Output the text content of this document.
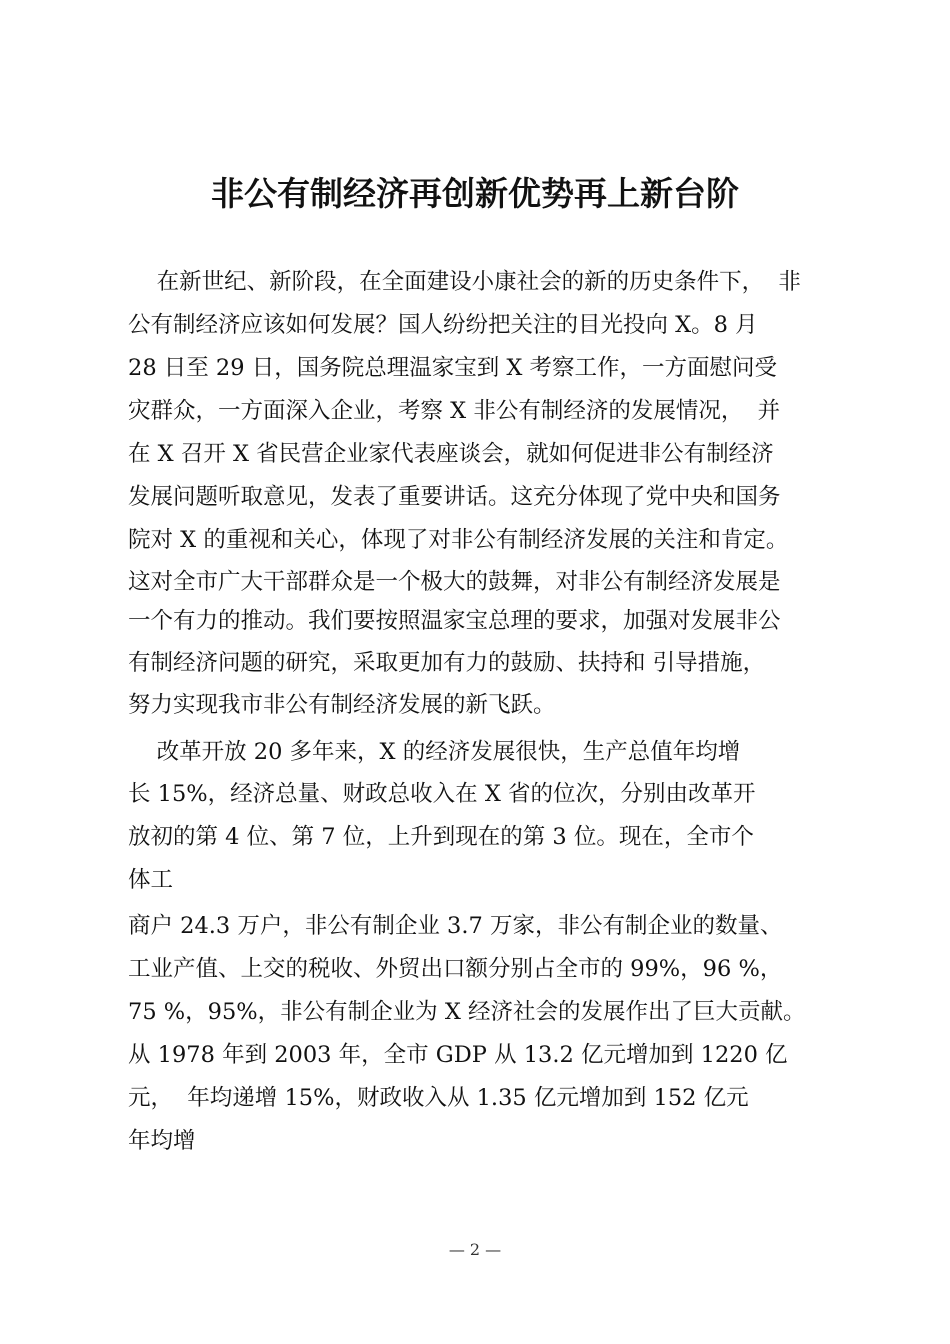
非公有制经济再创新优势再上新台阶
在新世纪、新阶段，在全面建设小康社会的新的历史条件下，  非
公有制经济应该如何发展？国人纷纷把关注的目光投向 X。8 月
28 日至 29 日，国务院总理温家宝到 X 考察工作，一方面慰问受
灾群众，一方面深入企业，考察 X 非公有制经济的发展情况，  并
在 X 召开 X 省民营企业家代表座谈会，就如何促进非公有制经济
发展问题听取意见，发表了重要讲话。这充分体现了党中央和国务
院对 X 的重视和关心，体现了对非公有制经济发展的关注和肯定。
这对全市广大干部群众是一个极大的鼓舞，对非公有制经济发展是
一个有力的推动。我们要按照温家宝总理的要求，加强对发展非公
有制经济问题的研究，采取更加有力的鼓励、扶持和 引导措施，
努力实现我市非公有制经济发展的新飞跃。
改革开放 20 多年来，X 的经济发展很快，生产总值年均增
长 15%，经济总量、财政总收入在 X 省的位次，分别由改革开
放初的第 4 位、第 7 位，上升到现在的第 3 位。现在，全市个
体工
商户 24.3 万户，非公有制企业 3.7 万家，非公有制企业的数量、
工业产值、上交的税收、外贸出口额分别占全市的 99%，96 %，
75 %，95%，非公有制企业为 X 经济社会的发展作出了巨大贡献。
从 1978 年到 2003 年，全市 GDP 从 13.2 亿元增加到 1220 亿
元，  年均递增 15%，财政收入从 1.35 亿元增加到 152 亿元
年均增
— 2 —
